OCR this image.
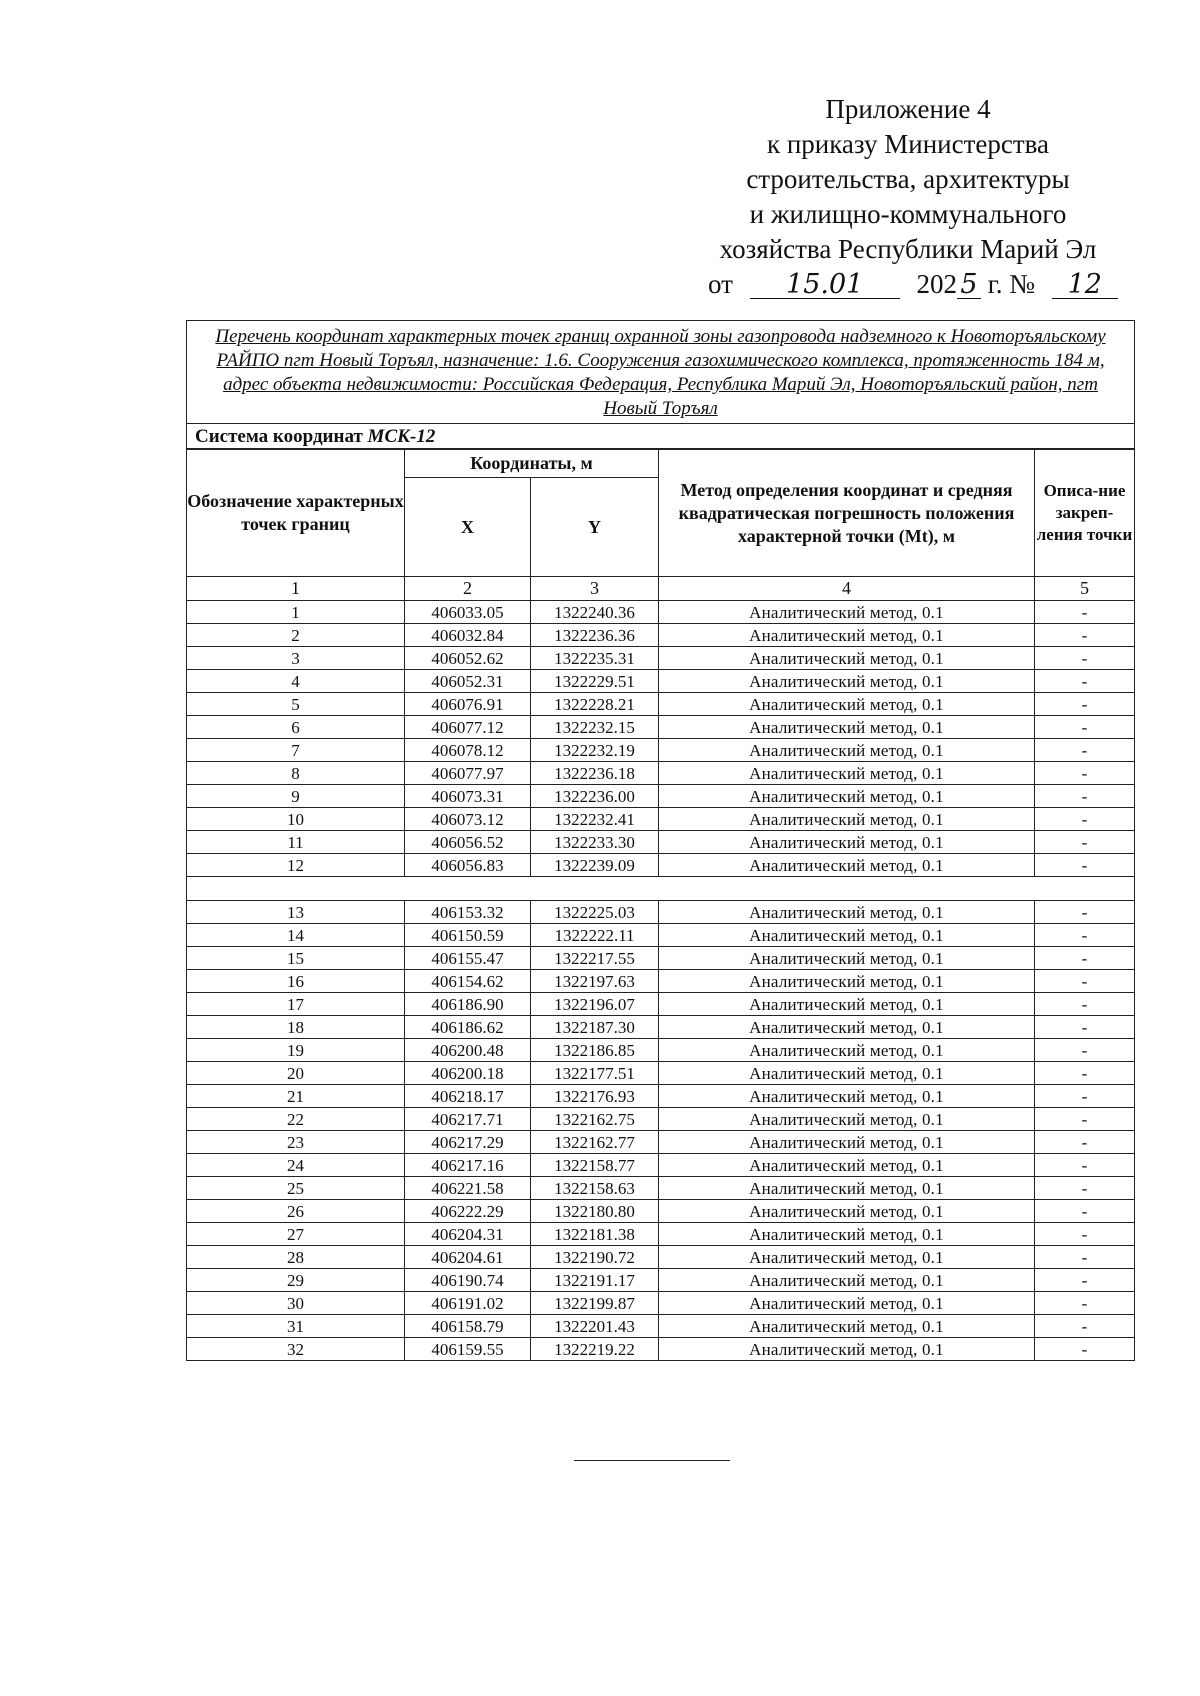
Приложение 4
к приказу Министерства
строительства, архитектуры
и жилищно-коммунального
хозяйства Республики Марий Эл
от 15.01 202 5 г. № 12
Перечень координат характерных точек границ охранной зоны газопровода надземного к Новоторъяльскому РАЙПО пгт Новый Торъял, назначение: 1.6. Сооружения газохимического комплекса, протяженность 184 м, адрес объекта недвижимости: Российская Федерация, Республика Марий Эл, Новоторъяльский район, пгт Новый Торъял				
Система координат МСК-12				
Обозначение характерных точек границ	Координаты, м		Метод определения координат и средняя квадратическая погрешность положения характерной точки (Mt), м	Описа-ние закреп-ления точки
	X	Y		
1	2	3	4	5
1	406033.05	1322240.36	Аналитический метод, 0.1	-
2	406032.84	1322236.36	Аналитический метод, 0.1	-
3	406052.62	1322235.31	Аналитический метод, 0.1	-
4	406052.31	1322229.51	Аналитический метод, 0.1	-
5	406076.91	1322228.21	Аналитический метод, 0.1	-
6	406077.12	1322232.15	Аналитический метод, 0.1	-
7	406078.12	1322232.19	Аналитический метод, 0.1	-
8	406077.97	1322236.18	Аналитический метод, 0.1	-
9	406073.31	1322236.00	Аналитический метод, 0.1	-
10	406073.12	1322232.41	Аналитический метод, 0.1	-
11	406056.52	1322233.30	Аналитический метод, 0.1	-
12	406056.83	1322239.09	Аналитический метод, 0.1	-

13	406153.32	1322225.03	Аналитический метод, 0.1	-
14	406150.59	1322222.11	Аналитический метод, 0.1	-
15	406155.47	1322217.55	Аналитический метод, 0.1	-
16	406154.62	1322197.63	Аналитический метод, 0.1	-
17	406186.90	1322196.07	Аналитический метод, 0.1	-
18	406186.62	1322187.30	Аналитический метод, 0.1	-
19	406200.48	1322186.85	Аналитический метод, 0.1	-
20	406200.18	1322177.51	Аналитический метод, 0.1	-
21	406218.17	1322176.93	Аналитический метод, 0.1	-
22	406217.71	1322162.75	Аналитический метод, 0.1	-
23	406217.29	1322162.77	Аналитический метод, 0.1	-
24	406217.16	1322158.77	Аналитический метод, 0.1	-
25	406221.58	1322158.63	Аналитический метод, 0.1	-
26	406222.29	1322180.80	Аналитический метод, 0.1	-
27	406204.31	1322181.38	Аналитический метод, 0.1	-
28	406204.61	1322190.72	Аналитический метод, 0.1	-
29	406190.74	1322191.17	Аналитический метод, 0.1	-
30	406191.02	1322199.87	Аналитический метод, 0.1	-
31	406158.79	1322201.43	Аналитический метод, 0.1	-
32	406159.55	1322219.22	Аналитический метод, 0.1	-
